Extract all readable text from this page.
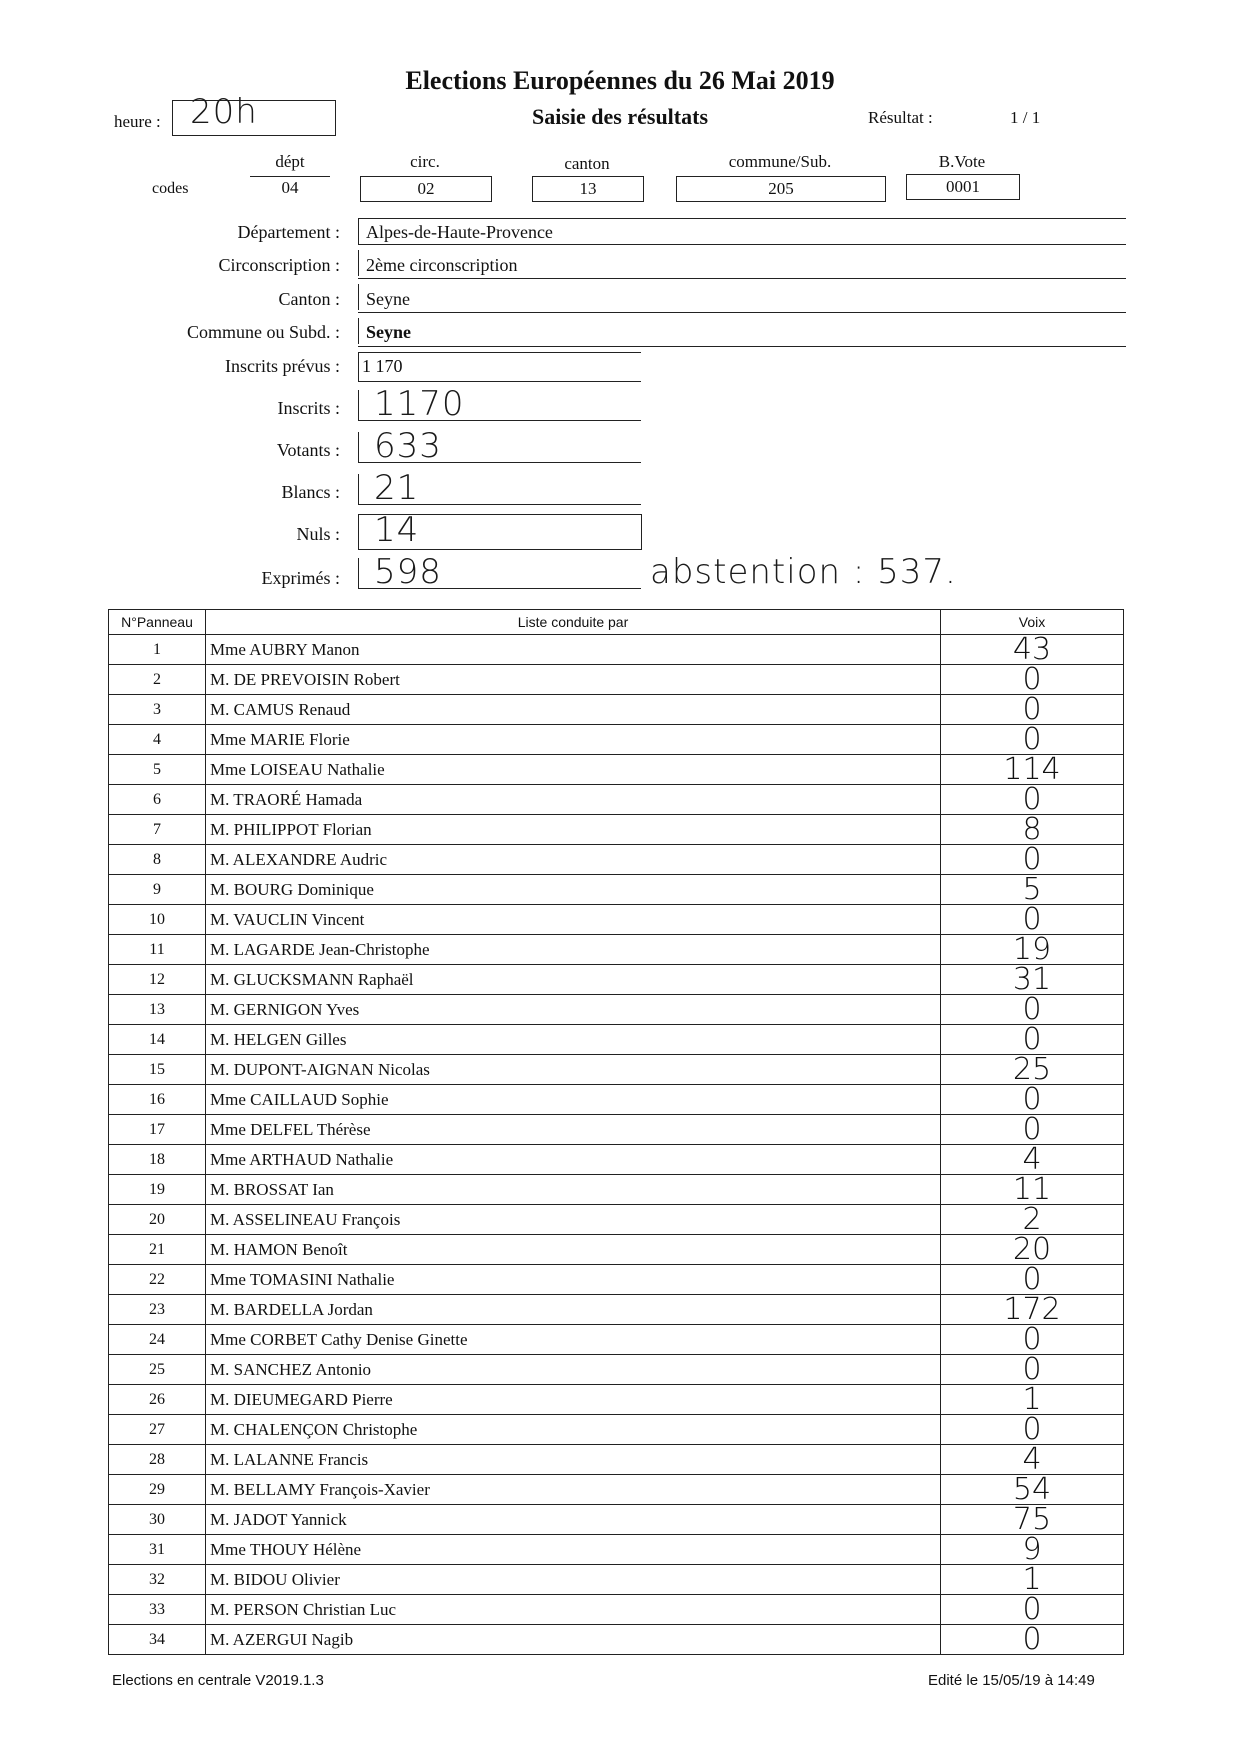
Elections Européennes du 26 Mai 2019
Saisie des résultats
heure : 20h	Résultat :	1 / 1
codes
dépt
04
circ.
02
canton
13
commune/Sub.
205
B.Vote
0001
Département : Alpes-de-Haute-Provence
Circonscription : 2ème circonscription
Canton : Seyne
Commune ou Subd. : Seyne
Inscrits prévus : 1 170
Inscrits : 1170
Votants : 633
Blancs : 21
Nuls : 14
Exprimés : 598	abstention : 537.
N°Panneau	Liste conduite par	Voix
1	Mme AUBRY Manon	43
2	M. DE PREVOISIN Robert	0
3	M. CAMUS Renaud	0
4	Mme MARIE Florie	0
5	Mme LOISEAU Nathalie	114
6	M. TRAORÉ Hamada	0
7	M. PHILIPPOT Florian	8
8	M. ALEXANDRE Audric	0
9	M. BOURG Dominique	5
10	M. VAUCLIN Vincent	0
11	M. LAGARDE Jean-Christophe	19
12	M. GLUCKSMANN Raphaël	31
13	M. GERNIGON Yves	0
14	M. HELGEN Gilles	0
15	M. DUPONT-AIGNAN Nicolas	25
16	Mme CAILLAUD Sophie	0
17	Mme DELFEL Thérèse	0
18	Mme ARTHAUD Nathalie	4
19	M. BROSSAT Ian	11
20	M. ASSELINEAU François	2
21	M. HAMON Benoît	20
22	Mme TOMASINI Nathalie	0
23	M. BARDELLA Jordan	172
24	Mme CORBET Cathy Denise Ginette	0
25	M. SANCHEZ Antonio	0
26	M. DIEUMEGARD Pierre	1
27	M. CHALENÇON Christophe	0
28	M. LALANNE Francis	4
29	M. BELLAMY François-Xavier	54
30	M. JADOT Yannick	75
31	Mme THOUY Hélène	9
32	M. BIDOU Olivier	1
33	M. PERSON Christian Luc	0
34	M. AZERGUI Nagib	0
Elections en centrale V2019.1.3	Edité le 15/05/19 à 14:49
